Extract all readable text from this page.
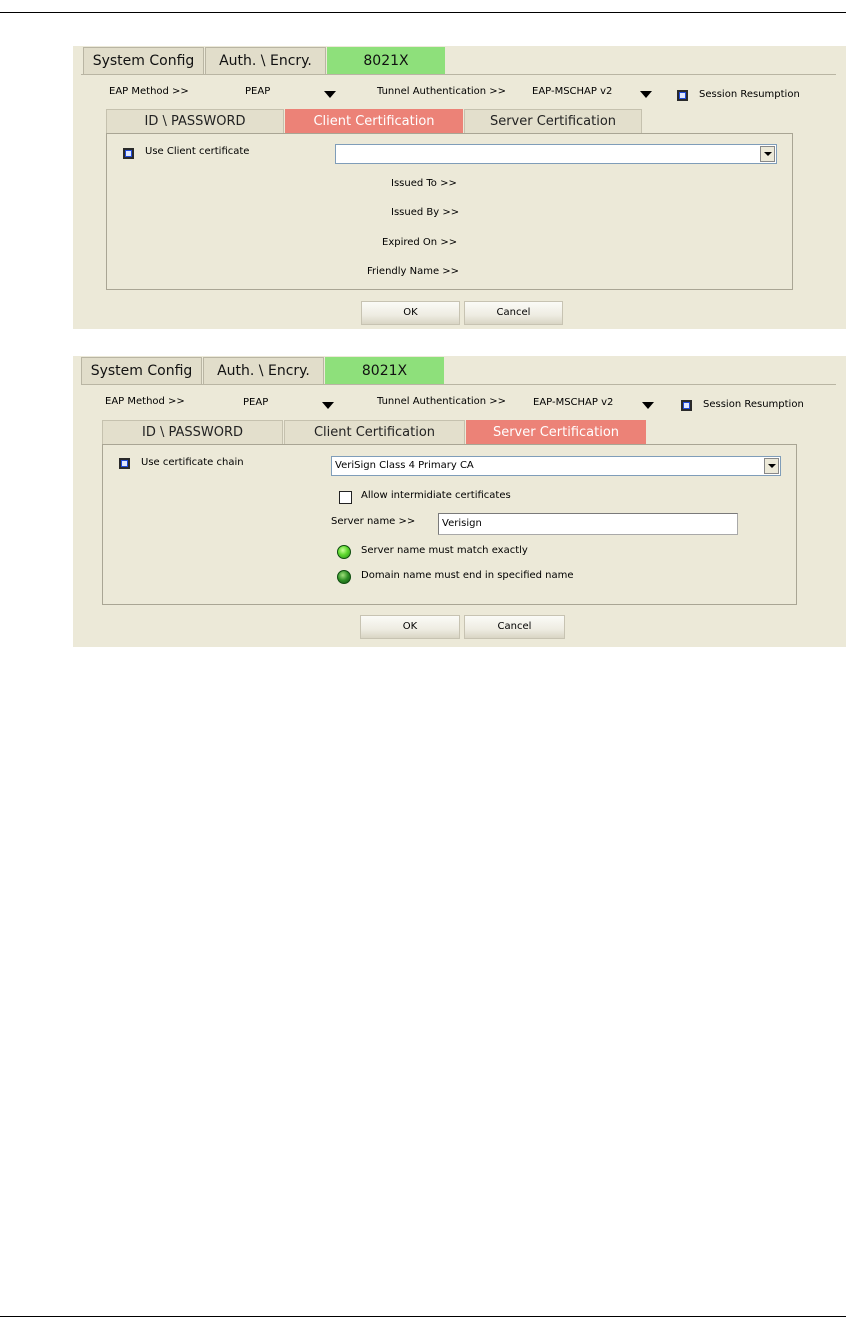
System Config	Auth. \ Encry.	8021X
EAP Method >>	PEAP	Tunnel Authentication >>	EAP-MSCHAP v2	Session Resumption
ID \ PASSWORD	Client Certification	Server Certification
Use Client certificate
Issued To >>
Issued By >>
Expired On >>
Friendly Name >>
OK	Cancel
System Config	Auth. \ Encry.	8021X
EAP Method >>	PEAP	Tunnel Authentication >>	EAP-MSCHAP v2	Session Resumption
ID \ PASSWORD	Client Certification	Server Certification
Use certificate chain	VeriSign Class 4 Primary CA
Allow intermidiate certificates
Server name >>	Verisign
Server name must match exactly
Domain name must end in specified name
OK	Cancel
